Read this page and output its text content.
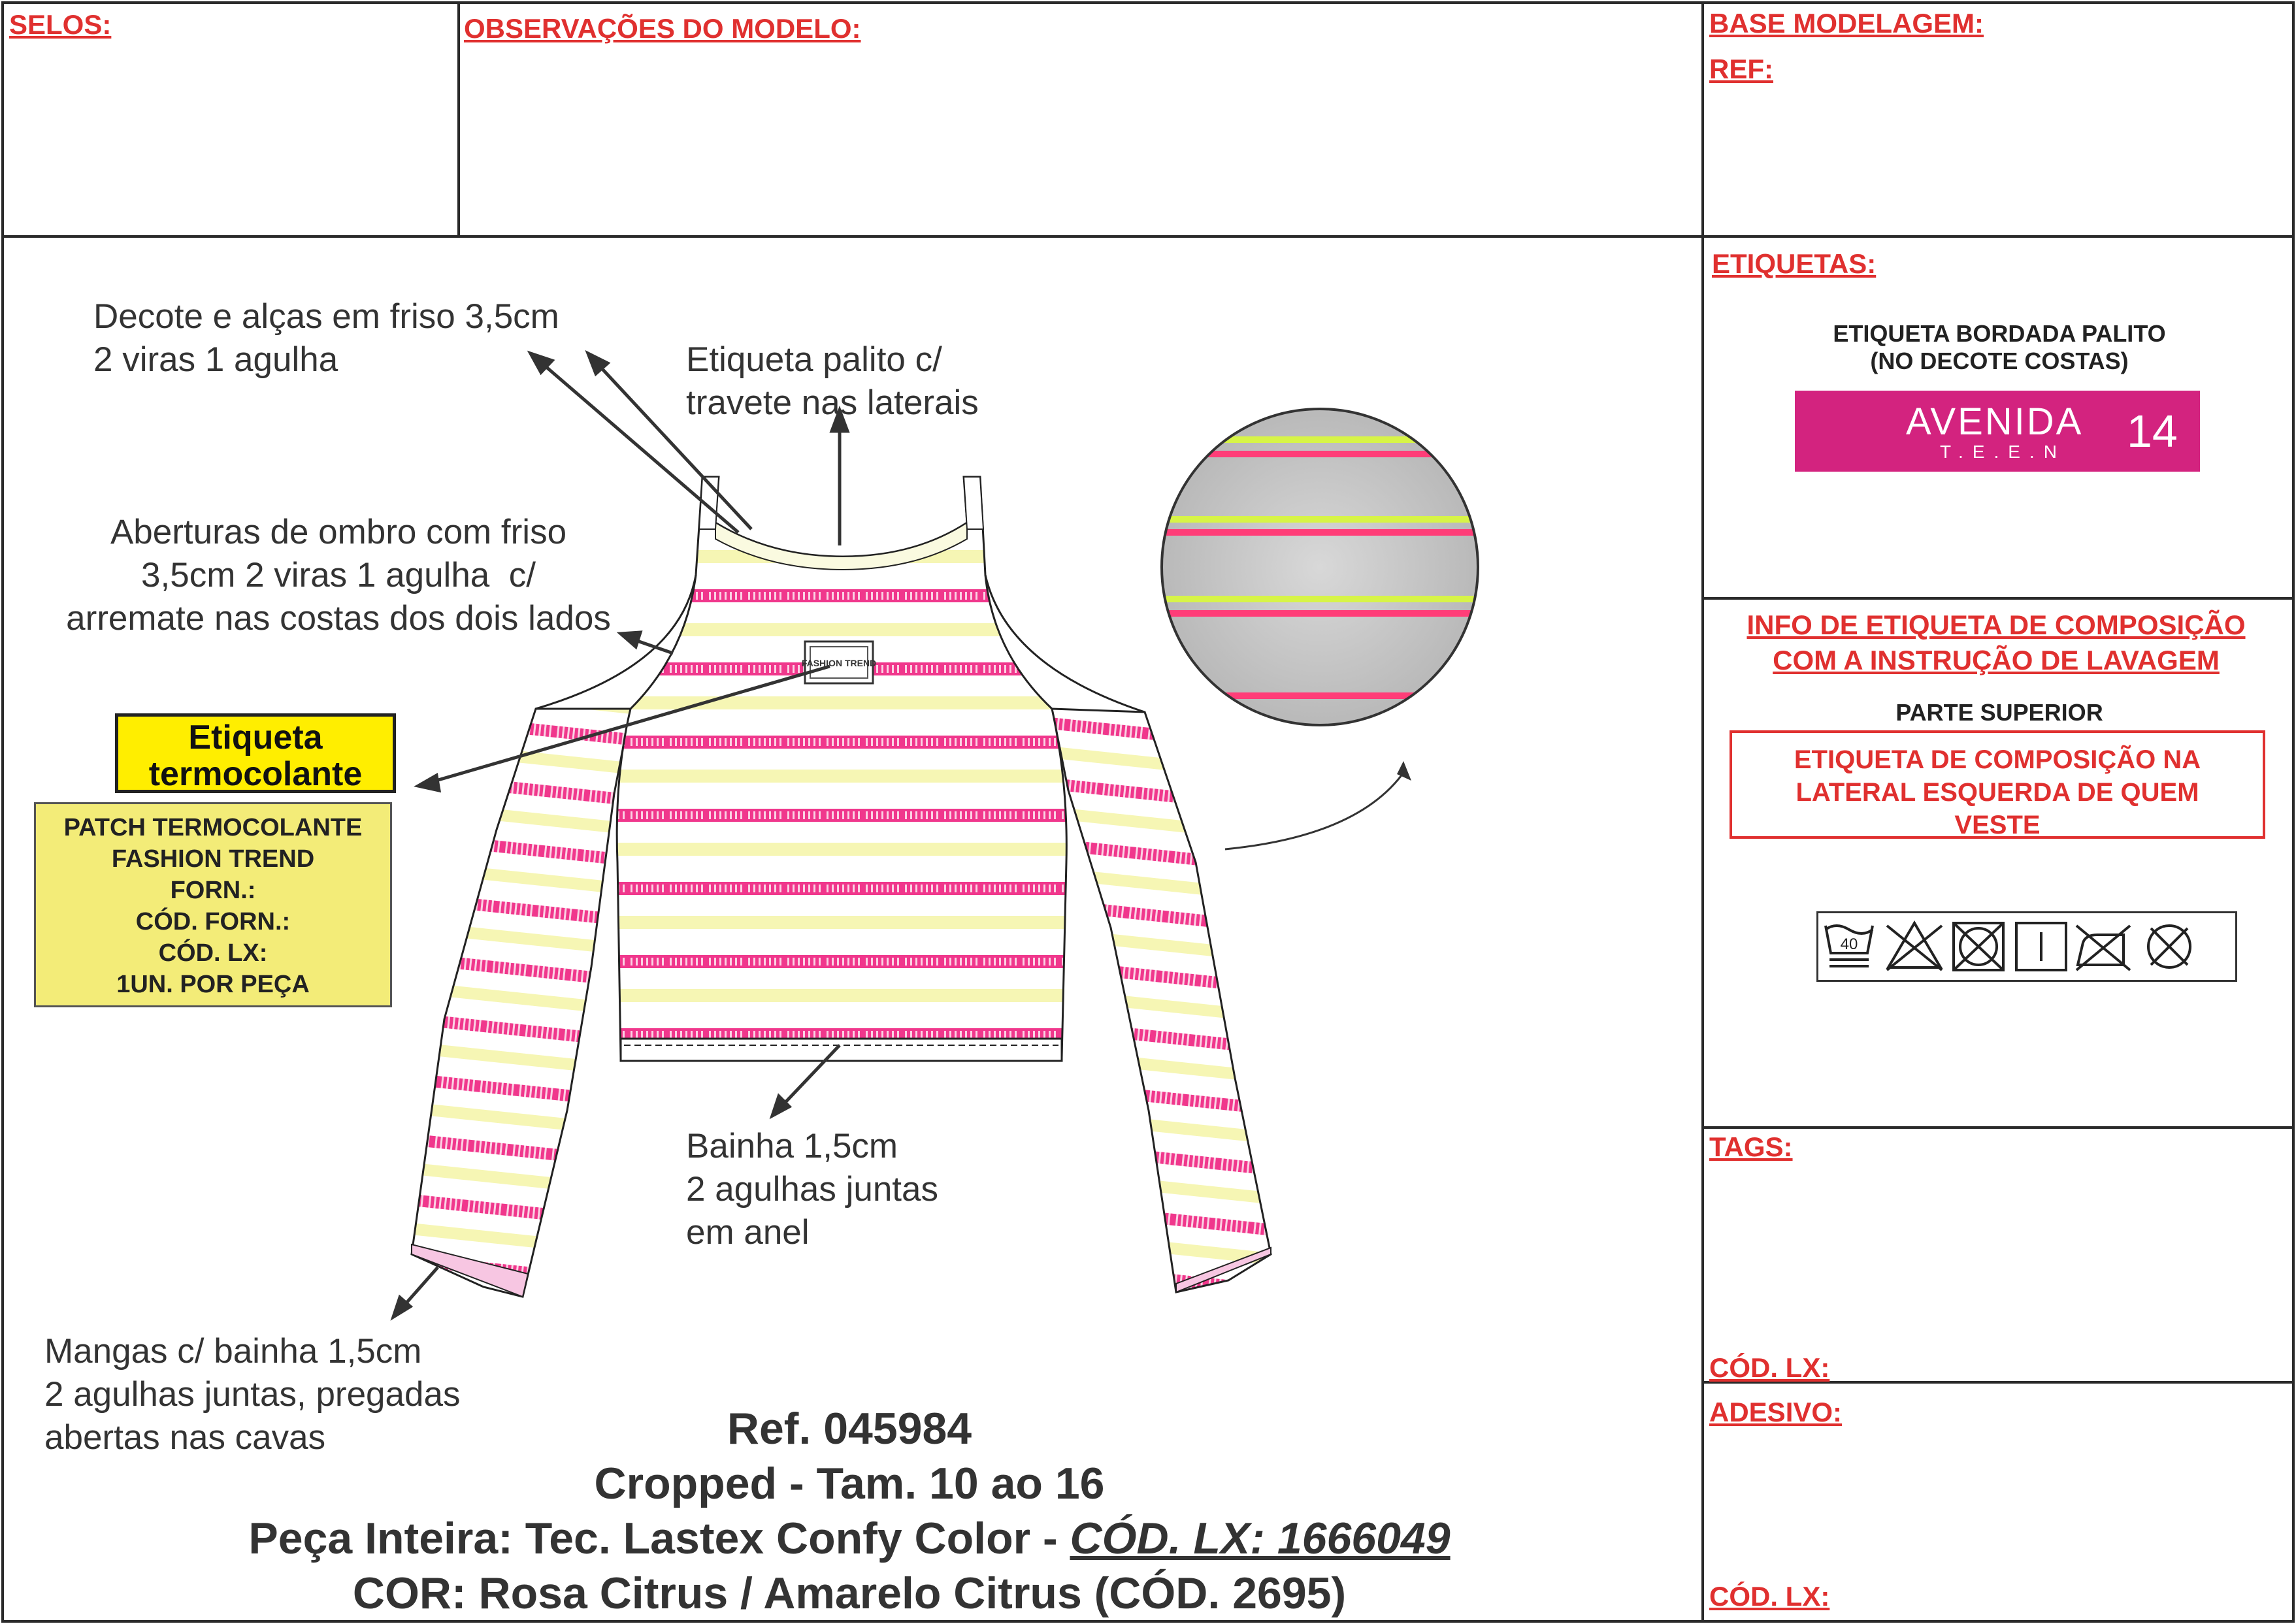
SELOS:	OBSERVAÇÕES DO MODELO:	BASE MODELAGEM:
REF:
ETIQUETAS:
ETIQUETA BORDADA PALITO
(NO DECOTE COSTAS)
AVENIDA
T.E.E.N 14
INFO DE ETIQUETA DE COMPOSIÇÃO
COM A INSTRUÇÃO DE LAVAGEM
PARTE SUPERIOR
ETIQUETA DE COMPOSIÇÃO NA
LATERAL ESQUERDA DE QUEM
VESTE
40
TAGS:
CÓD. LX:
ADESIVO:
CÓD. LX:
FASHION TREND
Decote e alças em friso 3,5cm
2 viras 1 agulha	Etiqueta palito c/
travete nas laterais
Aberturas de ombro com friso
3,5cm 2 viras 1 agulha  c/
arremate nas costas dos dois lados
Bainha 1,5cm
2 agulhas juntas
em anel
Mangas c/ bainha 1,5cm
2 agulhas juntas, pregadas
abertas nas cavas
Etiqueta termocolante
PATCH TERMOCOLANTE
FASHION TREND
FORN.:
CÓD. FORN.:
CÓD. LX:
1UN. POR PEÇA
Ref. 045984
Cropped - Tam. 10 ao 16
Peça Inteira: Tec. Lastex Confy Color - CÓD. LX: 1666049
COR: Rosa Citrus / Amarelo Citrus (CÓD. 2695)
